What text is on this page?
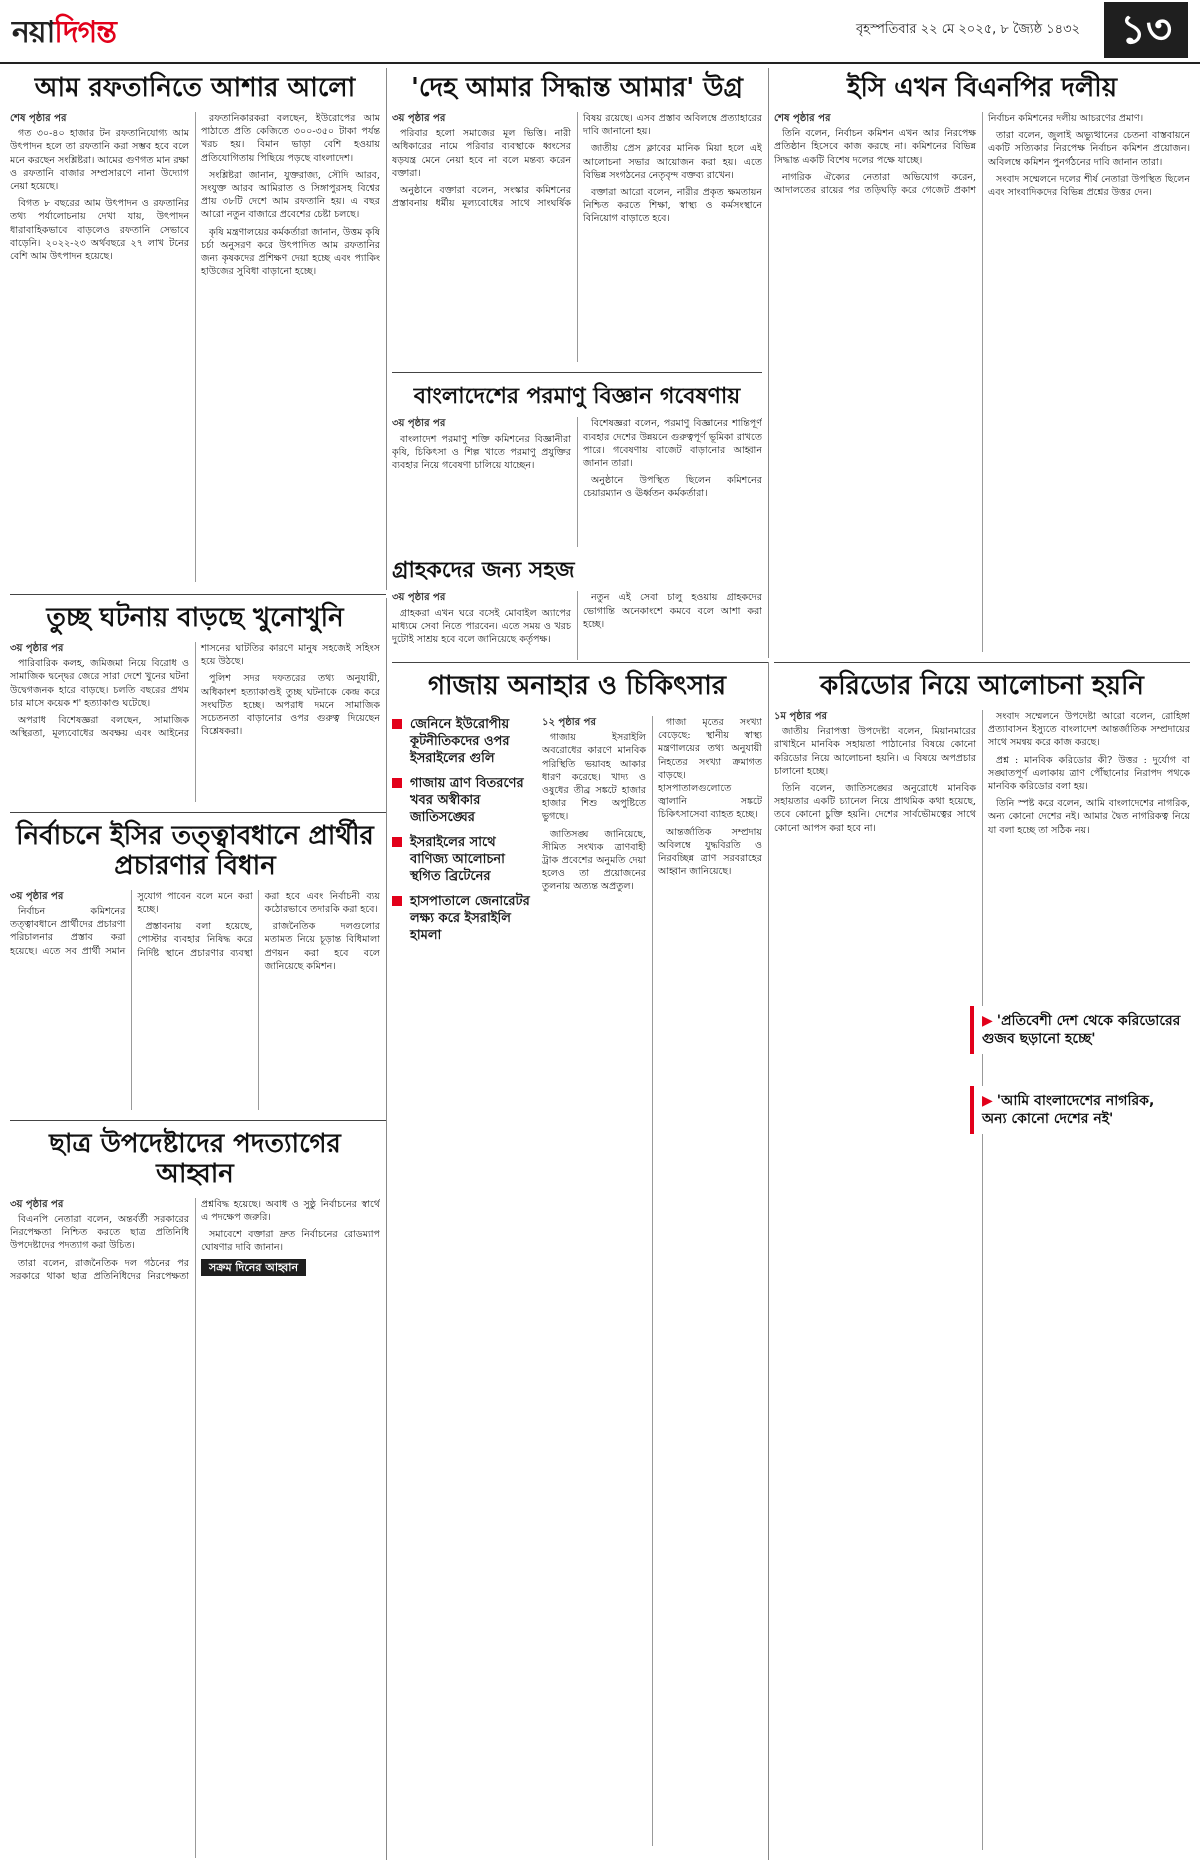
নয়াদিগন্ত	বৃহস্পতিবার ২২ মে ২০২৫, ৮ জ্যৈষ্ঠ ১৪৩২	১৩
আম রফতানিতে আশার আলো
শেষ পৃষ্ঠার পর

গত ৩০-৪০ হাজার টন রফতানিযোগ্য আম উৎপাদন হলে তা রফতানি করা সম্ভব হবে বলে মনে করছেন সংশ্লিষ্টরা। আমের গুণগত মান রক্ষা ও রফতানি বাজার সম্প্রসারণে নানা উদ্যোগ নেয়া হয়েছে।

বিগত ৮ বছরের আম উৎপাদন ও রফতানির তথ্য পর্যালোচনায় দেখা যায়, উৎপাদন ধারাবাহিকভাবে বাড়লেও রফতানি সেভাবে বাড়েনি। ২০২২-২৩ অর্থবছরে ২৭ লাখ টনের বেশি আম উৎপাদন হয়েছে।

রফতানিকারকরা বলছেন, ইউরোপের আম পাঠাতে প্রতি কেজিতে ৩০০-৩৫০ টাকা পর্যন্ত খরচ হয়। বিমান ভাড়া বেশি হওয়ায় প্রতিযোগিতায় পিছিয়ে পড়ছে বাংলাদেশ।

সংশ্লিষ্টরা জানান, যুক্তরাজ্য, সৌদি আরব, সংযুক্ত আরব আমিরাত ও সিঙ্গাপুরসহ বিশ্বের প্রায় ৩৮টি দেশে আম রফতানি হয়। এ বছর আরো নতুন বাজারে প্রবেশের চেষ্টা চলছে।

কৃষি মন্ত্রণালয়ের কর্মকর্তারা জানান, উত্তম কৃষি চর্চা অনুসরণ করে উৎপাদিত আম রফতানির জন্য কৃষকদের প্রশিক্ষণ দেয়া হচ্ছে এবং প্যাকিং হাউজের সুবিধা বাড়ানো হচ্ছে।

'দেহ আমার সিদ্ধান্ত আমার' উগ্র
৩য় পৃষ্ঠার পর

পরিবার হলো সমাজের মূল ভিত্তি। নারী অধিকারের নামে পরিবার ব্যবস্থাকে ধ্বংসের ষড়যন্ত্র মেনে নেয়া হবে না বলে মন্তব্য করেন বক্তারা।

অনুষ্ঠানে বক্তারা বলেন, সংস্কার কমিশনের প্রস্তাবনায় ধর্মীয় মূল্যবোধের সাথে সাংঘর্ষিক বিষয় রয়েছে। এসব প্রস্তাব অবিলম্বে প্রত্যাহারের দাবি জানানো হয়।

জাতীয় প্রেস ক্লাবের মানিক মিয়া হলে এই আলোচনা সভার আয়োজন করা হয়। এতে বিভিন্ন সংগঠনের নেতৃবৃন্দ বক্তব্য রাখেন।

বক্তারা আরো বলেন, নারীর প্রকৃত ক্ষমতায়ন নিশ্চিত করতে শিক্ষা, স্বাস্থ্য ও কর্মসংস্থানে বিনিয়োগ বাড়াতে হবে।

বাংলাদেশের পরমাণু বিজ্ঞান গবেষণায়
৩য় পৃষ্ঠার পর

বাংলাদেশ পরমাণু শক্তি কমিশনের বিজ্ঞানীরা কৃষি, চিকিৎসা ও শিল্প খাতে পরমাণু প্রযুক্তির ব্যবহার নিয়ে গবেষণা চালিয়ে যাচ্ছেন।

বিশেষজ্ঞরা বলেন, পরমাণু বিজ্ঞানের শান্তিপূর্ণ ব্যবহার দেশের উন্নয়নে গুরুত্বপূর্ণ ভূমিকা রাখতে পারে। গবেষণায় বাজেট বাড়ানোর আহ্বান জানান তারা।

অনুষ্ঠানে উপস্থিত ছিলেন কমিশনের চেয়ারম্যান ও ঊর্ধ্বতন কর্মকর্তারা।

গ্রাহকদের জন্য সহজ
৩য় পৃষ্ঠার পর

গ্রাহকরা এখন ঘরে বসেই মোবাইল অ্যাপের মাধ্যমে সেবা নিতে পারবেন। এতে সময় ও খরচ দুটোই সাশ্রয় হবে বলে জানিয়েছে কর্তৃপক্ষ।

নতুন এই সেবা চালু হওয়ায় গ্রাহকদের ভোগান্তি অনেকাংশে কমবে বলে আশা করা হচ্ছে।

ইসি এখন বিএনপির দলীয়
শেষ পৃষ্ঠার পর

তিনি বলেন, নির্বাচন কমিশন এখন আর নিরপেক্ষ প্রতিষ্ঠান হিসেবে কাজ করছে না। কমিশনের বিভিন্ন সিদ্ধান্ত একটি বিশেষ দলের পক্ষে যাচ্ছে।

নাগরিক ঐক্যের নেতারা অভিযোগ করেন, আদালতের রায়ের পর তড়িঘড়ি করে গেজেট প্রকাশ নির্বাচন কমিশনের দলীয় আচরণের প্রমাণ।

তারা বলেন, জুলাই অভ্যুত্থানের চেতনা বাস্তবায়নে একটি সত্যিকার নিরপেক্ষ নির্বাচন কমিশন প্রয়োজন। অবিলম্বে কমিশন পুনর্গঠনের দাবি জানান তারা।

সংবাদ সম্মেলনে দলের শীর্ষ নেতারা উপস্থিত ছিলেন এবং সাংবাদিকদের বিভিন্ন প্রশ্নের উত্তর দেন।

তুচ্ছ ঘটনায় বাড়ছে খুনোখুনি
৩য় পৃষ্ঠার পর

পারিবারিক কলহ, জমিজমা নিয়ে বিরোধ ও সামাজিক দ্বন্দ্বের জেরে সারা দেশে খুনের ঘটনা উদ্বেগজনক হারে বাড়ছে। চলতি বছরের প্রথম চার মাসে কয়েক শ' হত্যাকাণ্ড ঘটেছে।

অপরাধ বিশেষজ্ঞরা বলছেন, সামাজিক অস্থিরতা, মূল্যবোধের অবক্ষয় এবং আইনের শাসনের ঘাটতির কারণে মানুষ সহজেই সহিংস হয়ে উঠছে।

পুলিশ সদর দফতরের তথ্য অনুযায়ী, অধিকাংশ হত্যাকাণ্ডই তুচ্ছ ঘটনাকে কেন্দ্র করে সংঘটিত হচ্ছে। অপরাধ দমনে সামাজিক সচেতনতা বাড়ানোর ওপর গুরুত্ব দিয়েছেন বিশ্লেষকরা।

নির্বাচনে ইসির তত্ত্বাবধানে প্রার্থীর প্রচারণার বিধান
৩য় পৃষ্ঠার পর

নির্বাচন কমিশনের তত্ত্বাবধানে প্রার্থীদের প্রচারণা পরিচালনার প্রস্তাব করা হয়েছে। এতে সব প্রার্থী সমান সুযোগ পাবেন বলে মনে করা হচ্ছে।

প্রস্তাবনায় বলা হয়েছে, পোস্টার ব্যবহার নিষিদ্ধ করে নির্দিষ্ট স্থানে প্রচারণার ব্যবস্থা করা হবে এবং নির্বাচনী ব্যয় কঠোরভাবে তদারকি করা হবে।

রাজনৈতিক দলগুলোর মতামত নিয়ে চূড়ান্ত বিধিমালা প্রণয়ন করা হবে বলে জানিয়েছে কমিশন।

ছাত্র উপদেষ্টাদের পদত্যাগের আহ্বান
৩য় পৃষ্ঠার পর

বিএনপি নেতারা বলেন, অন্তর্বর্তী সরকারের নিরপেক্ষতা নিশ্চিত করতে ছাত্র প্রতিনিধি উপদেষ্টাদের পদত্যাগ করা উচিত।

তারা বলেন, রাজনৈতিক দল গঠনের পর সরকারে থাকা ছাত্র প্রতিনিধিদের নিরপেক্ষতা প্রশ্নবিদ্ধ হয়েছে। অবাধ ও সুষ্ঠু নির্বাচনের স্বার্থে এ পদক্ষেপ জরুরি।

সমাবেশে বক্তারা দ্রুত নির্বাচনের রোডম্যাপ ঘোষণার দাবি জানান।

সক্রম দিনের আহ্বান
গাজায় অনাহার ও চিকিৎসার
জেনিনে ইউরোপীয় কূটনীতিকদের ওপর ইসরাইলের গুলি
গাজায় ত্রাণ বিতরণের খবর অস্বীকার জাতিসঙ্ঘের
ইসরাইলের সাথে বাণিজ্য আলোচনা স্থগিত ব্রিটেনের
হাসপাতালে জেনারেটর লক্ষ্য করে ইসরাইলি হামলা
১২ পৃষ্ঠার পর

গাজায় ইসরাইলি অবরোধের কারণে মানবিক পরিস্থিতি ভয়াবহ আকার ধারণ করেছে। খাদ্য ও ওষুধের তীব্র সঙ্কটে হাজার হাজার শিশু অপুষ্টিতে ভুগছে।

জাতিসঙ্ঘ জানিয়েছে, সীমিত সংখ্যক ত্রাণবাহী ট্রাক প্রবেশের অনুমতি দেয়া হলেও তা প্রয়োজনের তুলনায় অত্যন্ত অপ্রতুল।

গাজা মৃতের সংখ্যা বেড়েছে: স্থানীয় স্বাস্থ্য মন্ত্রণালয়ের তথ্য অনুযায়ী নিহতের সংখ্যা ক্রমাগত বাড়ছে। হাসপাতালগুলোতে জ্বালানি সঙ্কটে চিকিৎসাসেবা ব্যাহত হচ্ছে।

আন্তর্জাতিক সম্প্রদায় অবিলম্বে যুদ্ধবিরতি ও নিরবচ্ছিন্ন ত্রাণ সরবরাহের আহ্বান জানিয়েছে।

করিডোর নিয়ে আলোচনা হয়নি
১ম পৃষ্ঠার পর

জাতীয় নিরাপত্তা উপদেষ্টা বলেন, মিয়ানমারের রাখাইনে মানবিক সহায়তা পাঠানোর বিষয়ে কোনো করিডোর নিয়ে আলোচনা হয়নি। এ বিষয়ে অপপ্রচার চালানো হচ্ছে।

তিনি বলেন, জাতিসঙ্ঘের অনুরোধে মানবিক সহায়তার একটি চ্যানেল নিয়ে প্রাথমিক কথা হয়েছে, তবে কোনো চুক্তি হয়নি। দেশের সার্বভৌমত্বের সাথে কোনো আপস করা হবে না।

সংবাদ সম্মেলনে উপদেষ্টা আরো বলেন, রোহিঙ্গা প্রত্যাবাসন ইস্যুতে বাংলাদেশ আন্তর্জাতিক সম্প্রদায়ের সাথে সমন্বয় করে কাজ করছে।

প্রশ্ন : মানবিক করিডোর কী? উত্তর : দুর্যোগ বা সঙ্ঘাতপূর্ণ এলাকায় ত্রাণ পৌঁছানোর নিরাপদ পথকে মানবিক করিডোর বলা হয়।

তিনি স্পষ্ট করে বলেন, আমি বাংলাদেশের নাগরিক, অন্য কোনো দেশের নই। আমার দ্বৈত নাগরিকত্ব নিয়ে যা বলা হচ্ছে তা সঠিক নয়।

▶ 'প্রতিবেশী দেশ থেকে করিডোরের গুজব ছড়ানো হচ্ছে'
▶ 'আমি বাংলাদেশের নাগরিক, অন্য কোনো দেশের নই'
